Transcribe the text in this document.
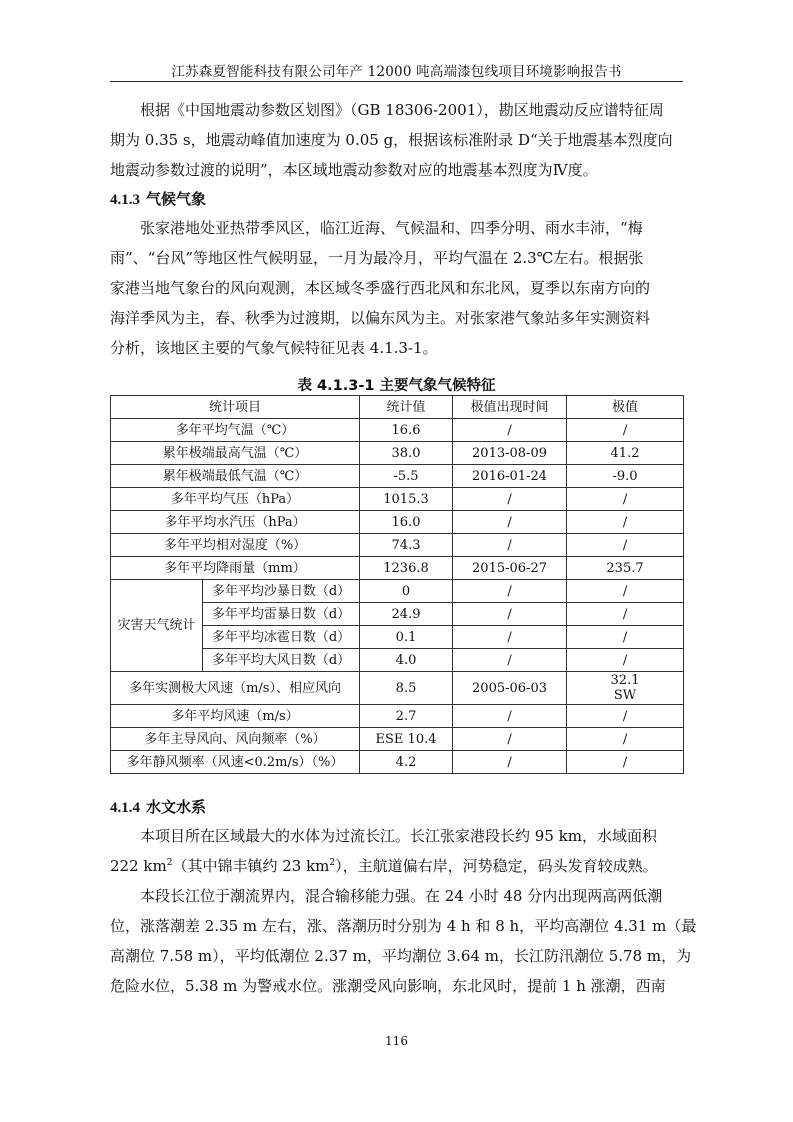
江苏森夏智能科技有限公司年产 12000 吨高端漆包线项目环境影响报告书
根据《中国地震动参数区划图》（GB 18306-2001），勘区地震动反应谱特征周
期为 0.35 s，地震动峰值加速度为 0.05 g，根据该标准附录 D“关于地震基本烈度向
地震动参数过渡的说明”，本区域地震动参数对应的地震基本烈度为Ⅳ度。
4.1.3 气候气象
张家港地处亚热带季风区，临江近海、气候温和、四季分明、雨水丰沛，“梅
雨”、“台风”等地区性气候明显，一月为最冷月，平均气温在 2.3℃左右。根据张
家港当地气象台的风向观测，本区域冬季盛行西北风和东北风，夏季以东南方向的
海洋季风为主，春、秋季为过渡期，以偏东风为主。对张家港气象站多年实测资料
分析，该地区主要的气象气候特征见表 4.1.3-1。
表 4.1.3-1 主要气象气候特征
统计项目		统计值	极值出现时间	极值
多年平均气温（℃）		16.6	/	/
累年极端最高气温（℃）		38.0	2013-08-09	41.2
累年极端最低气温（℃）		-5.5	2016-01-24	-9.0
多年平均气压（hPa）		1015.3	/	/
多年平均水汽压（hPa）		16.0	/	/
多年平均相对湿度（%）		74.3	/	/
多年平均降雨量（mm）		1236.8	2015-06-27	235.7
灾害天气统计	多年平均沙暴日数（d）	0	/	/
	多年平均雷暴日数（d）	24.9	/	/
	多年平均冰雹日数（d）	0.1	/	/
	多年平均大风日数（d）	4.0	/	/
多年实测极大风速（m/s）、相应风向		8.5	2005-06-03	32.1
SW

多年平均风速（m/s）		2.7	/	/
多年主导风向、风向频率（%）		ESE 10.4	/	/
多年静风频率（风速<0.2m/s）（%）		4.2	/	/
4.1.4 水文水系
本项目所在区域最大的水体为过流长江。长江张家港段长约 95 km，水域面积
222 $km^2$（其中锦丰镇约 23 $km^2$），主航道偏右岸，河势稳定，码头发育较成熟。
本段长江位于潮流界内，混合输移能力强。在 24 小时 48 分内出现两高两低潮
位，涨落潮差 2.35 m 左右，涨、落潮历时分别为 4 h 和 8 h，平均高潮位 4.31 m（最
高潮位 7.58 m），平均低潮位 2.37 m，平均潮位 3.64 m，长江防汛潮位 5.78 m，为
危险水位，5.38 m 为警戒水位。涨潮受风向影响，东北风时，提前 1 h 涨潮，西南
116
